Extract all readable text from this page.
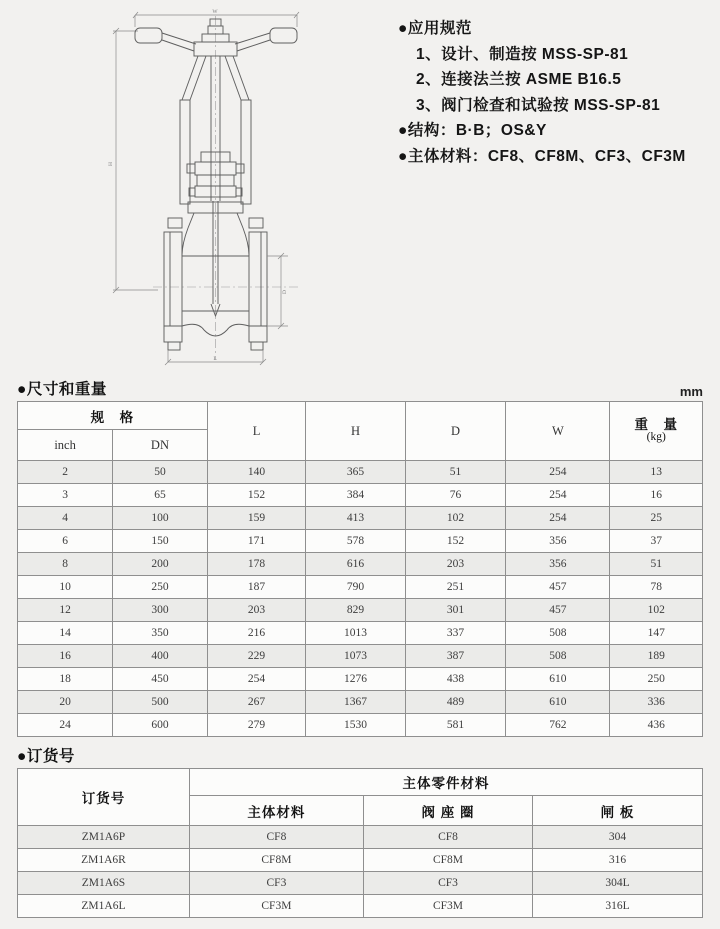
W
H
D
L
●应用规范
1、设计、制造按 MSS-SP-81
2、连接法兰按 ASME B16.5
3、阀门检查和试验按 MSS-SP-81
●结构：B·B；OS&Y
●主体材料：CF8、CF8M、CF3、CF3M
●尺寸和重量	mm
规　格		L	H	D	W	重　量
(kg)

inch	DN					
2	50	140	365	51	254	13
3	65	152	384	76	254	16
4	100	159	413	102	254	25
6	150	171	578	152	356	37
8	200	178	616	203	356	51
10	250	187	790	251	457	78
12	300	203	829	301	457	102
14	350	216	1013	337	508	147
16	400	229	1073	387	508	189
18	450	254	1276	438	610	250
20	500	267	1367	489	610	336
24	600	279	1530	581	762	436
●订货号
订货号	主体零件材料		
	主体材料	阀 座 圈	闸 板
ZM1A6P	CF8	CF8	304
ZM1A6R	CF8M	CF8M	316
ZM1A6S	CF3	CF3	304L
ZM1A6L	CF3M	CF3M	316L
